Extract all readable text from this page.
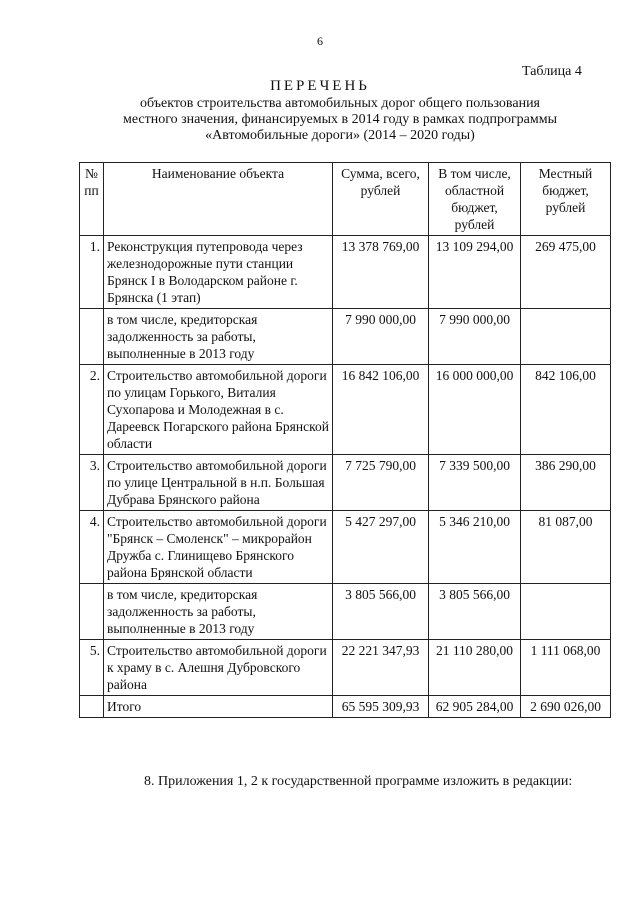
6
Таблица 4
ПЕРЕЧЕНЬ
объектов строительства автомобильных дорог общего пользования
местного значения, финансируемых в 2014 году в рамках подпрограммы
«Автомобильные дороги» (2014 – 2020 годы)
№ пп	Наименование объекта	Сумма, всего, рублей	В том числе, областной бюджет, рублей	Местный бюджет, рублей
1.	Реконструкция путепровода через железнодорожные пути станции Брянск I в Володарском районе г. Брянска (1 этап)	13 378 769,00	13 109 294,00	269 475,00
	в том числе, кредиторская задолженность за работы, выполненные в 2013 году	7 990 000,00	7 990 000,00	
2.	Строительство автомобильной дороги по улицам Горького, Виталия Сухопарова и Молодежная в с. Дареевск Погарского района Брянской области	16 842 106,00	16 000 000,00	842 106,00
3.	Строительство автомобильной дороги по улице Центральной в н.п. Большая Дубрава Брянского района	7 725 790,00	7 339 500,00	386 290,00
4.	Строительство автомобильной дороги "Брянск – Смоленск" – микрорайон Дружба с. Глинищево Брянского района Брянской области	5 427 297,00	5 346 210,00	81 087,00
	в том числе, кредиторская задолженность за работы, выполненные в 2013 году	3 805 566,00	3 805 566,00	
5.	Строительство автомобильной дороги к храму в с. Алешня Дубровского района	22 221 347,93	21 110 280,00	1 111 068,00
	Итого	65 595 309,93	62 905 284,00	2 690 026,00
8. Приложения 1, 2 к государственной программе изложить в редакции:
